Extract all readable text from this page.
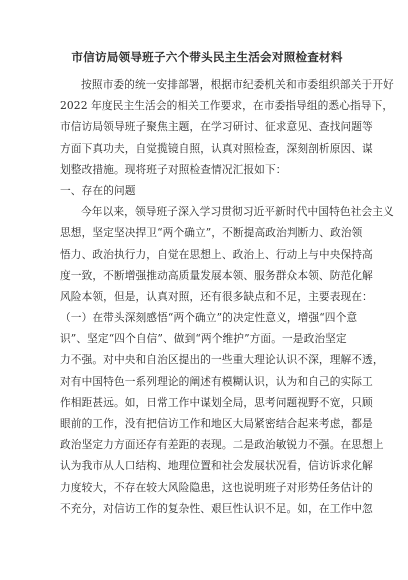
市信访局领导班子六个带头民主生活会对照检查材料
按照市委的统一安排部署，根据市纪委机关和市委组织部关于开好
2022 年度民主生活会的相关工作要求，在市委指导组的悉心指导下，
市信访局领导班子聚焦主题，在学习研讨、征求意见、查找问题等
方面下真功夫，自觉揽镜自照，认真对照检查，深刻剖析原因、谋
划整改措施。现将班子对照检查情况汇报如下：
一、存在的问题
今年以来，领导班子深入学习贯彻习近平新时代中国特色社会主义
思想，坚定坚决捍卫“两个确立”，不断提高政治判断力、政治领
悟力、政治执行力，自觉在思想上、政治上、行动上与中央保持高
度一致，不断增强推动高质量发展本领、服务群众本领、防范化解
风险本领，但是，认真对照，还有很多缺点和不足，主要表现在：
（一）在带头深刻感悟“两个确立”的决定性意义，增强“四个意
识”、坚定“四个自信”、做到“两个维护”方面。一是政治坚定
力不强。对中央和自治区提出的一些重大理论认识不深，理解不透，
对有中国特色一系列理论的阐述有模糊认识，认为和自己的实际工
作相距甚远。如，日常工作中谋划全局，思考问题视野不宽，只顾
眼前的工作，没有把信访工作和地区大局紧密结合起来考虑，都是
政治坚定力方面还存有差距的表现。二是政治敏锐力不强。在思想上
认为我市从人口结构、地理位置和社会发展状况看，信访诉求化解
力度较大，不存在较大风险隐患，这也说明班子对形势任务估计的
不充分，对信访工作的复杂性、艰巨性认识不足。如，在工作中忽
